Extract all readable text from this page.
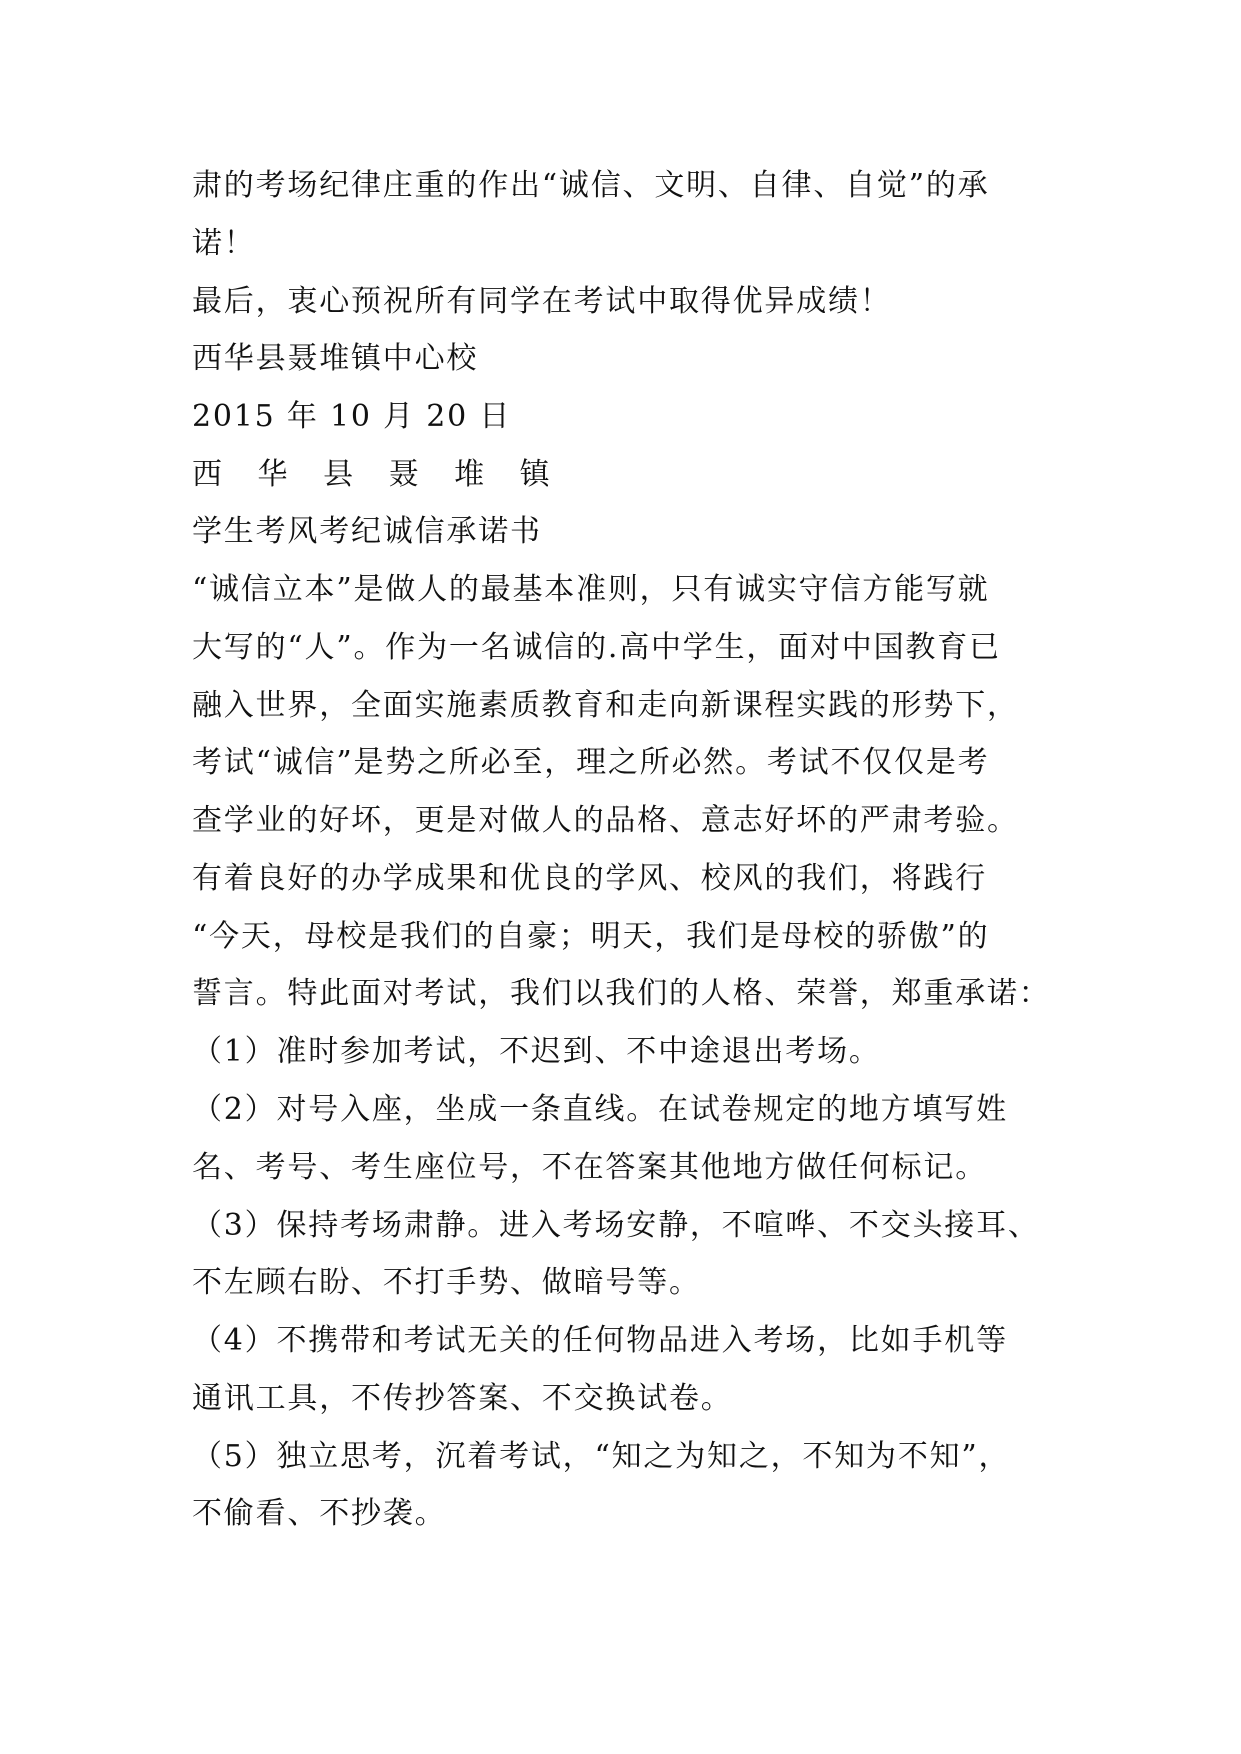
肃的考场纪律庄重的作出“诚信、文明、自律、自觉”的承
诺！
最后，衷心预祝所有同学在考试中取得优异成绩！
西华县聂堆镇中心校
2015 年 10 月 20 日
西 华 县 聂 堆 镇
学生考风考纪诚信承诺书
“诚信立本”是做人的最基本准则，只有诚实守信方能写就
大写的“人”。作为一名诚信的.高中学生，面对中国教育已
融入世界，全面实施素质教育和走向新课程实践的形势下，
考试“诚信”是势之所必至，理之所必然。考试不仅仅是考
查学业的好坏，更是对做人的品格、意志好坏的严肃考验。
有着良好的办学成果和优良的学风、校风的我们，将践行
“今天，母校是我们的自豪；明天，我们是母校的骄傲”的
誓言。特此面对考试，我们以我们的人格、荣誉，郑重承诺：
（1）准时参加考试，不迟到、不中途退出考场。
（2）对号入座，坐成一条直线。在试卷规定的地方填写姓
名、考号、考生座位号，不在答案其他地方做任何标记。
（3）保持考场肃静。进入考场安静，不喧哗、不交头接耳、
不左顾右盼、不打手势、做暗号等。
（4）不携带和考试无关的任何物品进入考场，比如手机等
通讯工具，不传抄答案、不交换试卷。
（5）独立思考，沉着考试，“知之为知之，不知为不知”，
不偷看、不抄袭。
